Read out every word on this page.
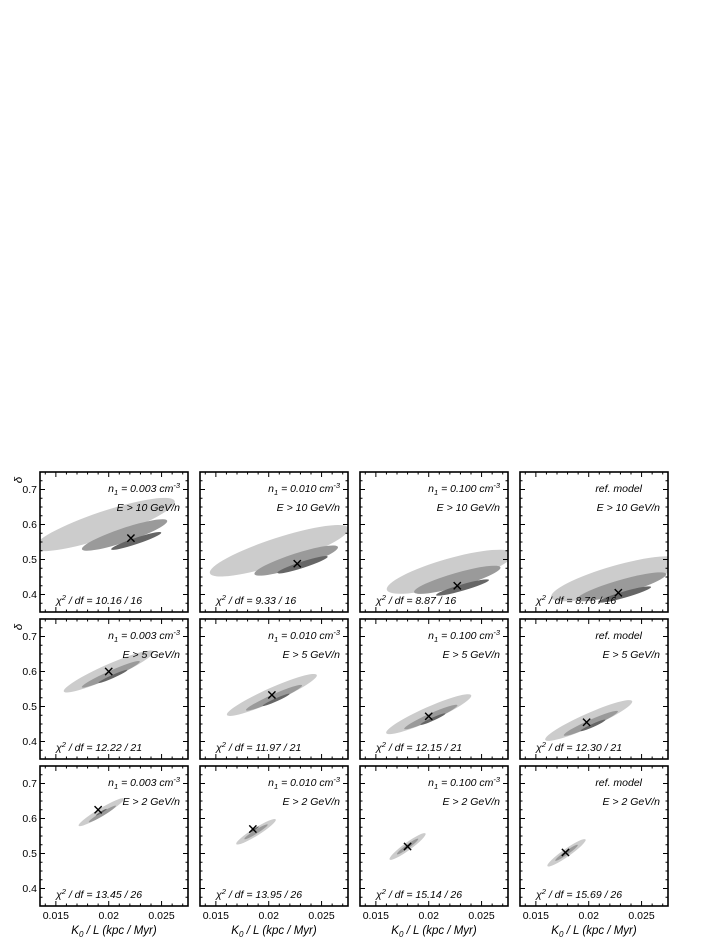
0.4
0.5
0.6
0.7
δ
$n_1 = 0.003$ $cm^{-3}$
E > 10 GeV/n
$\chi^2$ / df = 10.16 / 16
$n_1 = 0.010$ $cm^{-3}$
E > 10 GeV/n
$\chi^2$ / df = 9.33 / 16
$n_1 = 0.100$ $cm^{-3}$
E > 10 GeV/n
$\chi^2$ / df = 8.87 / 16
ref. model
E > 10 GeV/n
$\chi^2$ / df = 8.76 / 16
0.4
0.5
0.6
0.7
δ
$n_1 = 0.003$ $cm^{-3}$
E > 5 GeV/n
$\chi^2$ / df = 12.22 / 21
$n_1 = 0.010$ $cm^{-3}$
E > 5 GeV/n
$\chi^2$ / df = 11.97 / 21
$n_1 = 0.100$ $cm^{-3}$
E > 5 GeV/n
$\chi^2$ / df = 12.15 / 21
ref. model
E > 5 GeV/n
$\chi^2$ / df = 12.30 / 21
0.4
0.5
0.6
0.7
0.015	0.02	0.025
$K_0$ / L (kpc / Myr)
$n_1 = 0.003$ $cm^{-3}$
E > 2 GeV/n
$\chi^2$ / df = 13.45 / 26
0.015	0.02	0.025
$K_0$ / L (kpc / Myr)
$n_1 = 0.010$ $cm^{-3}$
E > 2 GeV/n
$\chi^2$ / df = 13.95 / 26
0.015	0.02	0.025
$K_0$ / L (kpc / Myr)
$n_1 = 0.100$ $cm^{-3}$
E > 2 GeV/n
$\chi^2$ / df = 15.14 / 26
0.015	0.02	0.025
$K_0$ / L (kpc / Myr)
ref. model
E > 2 GeV/n
$\chi^2$ / df = 15.69 / 26
